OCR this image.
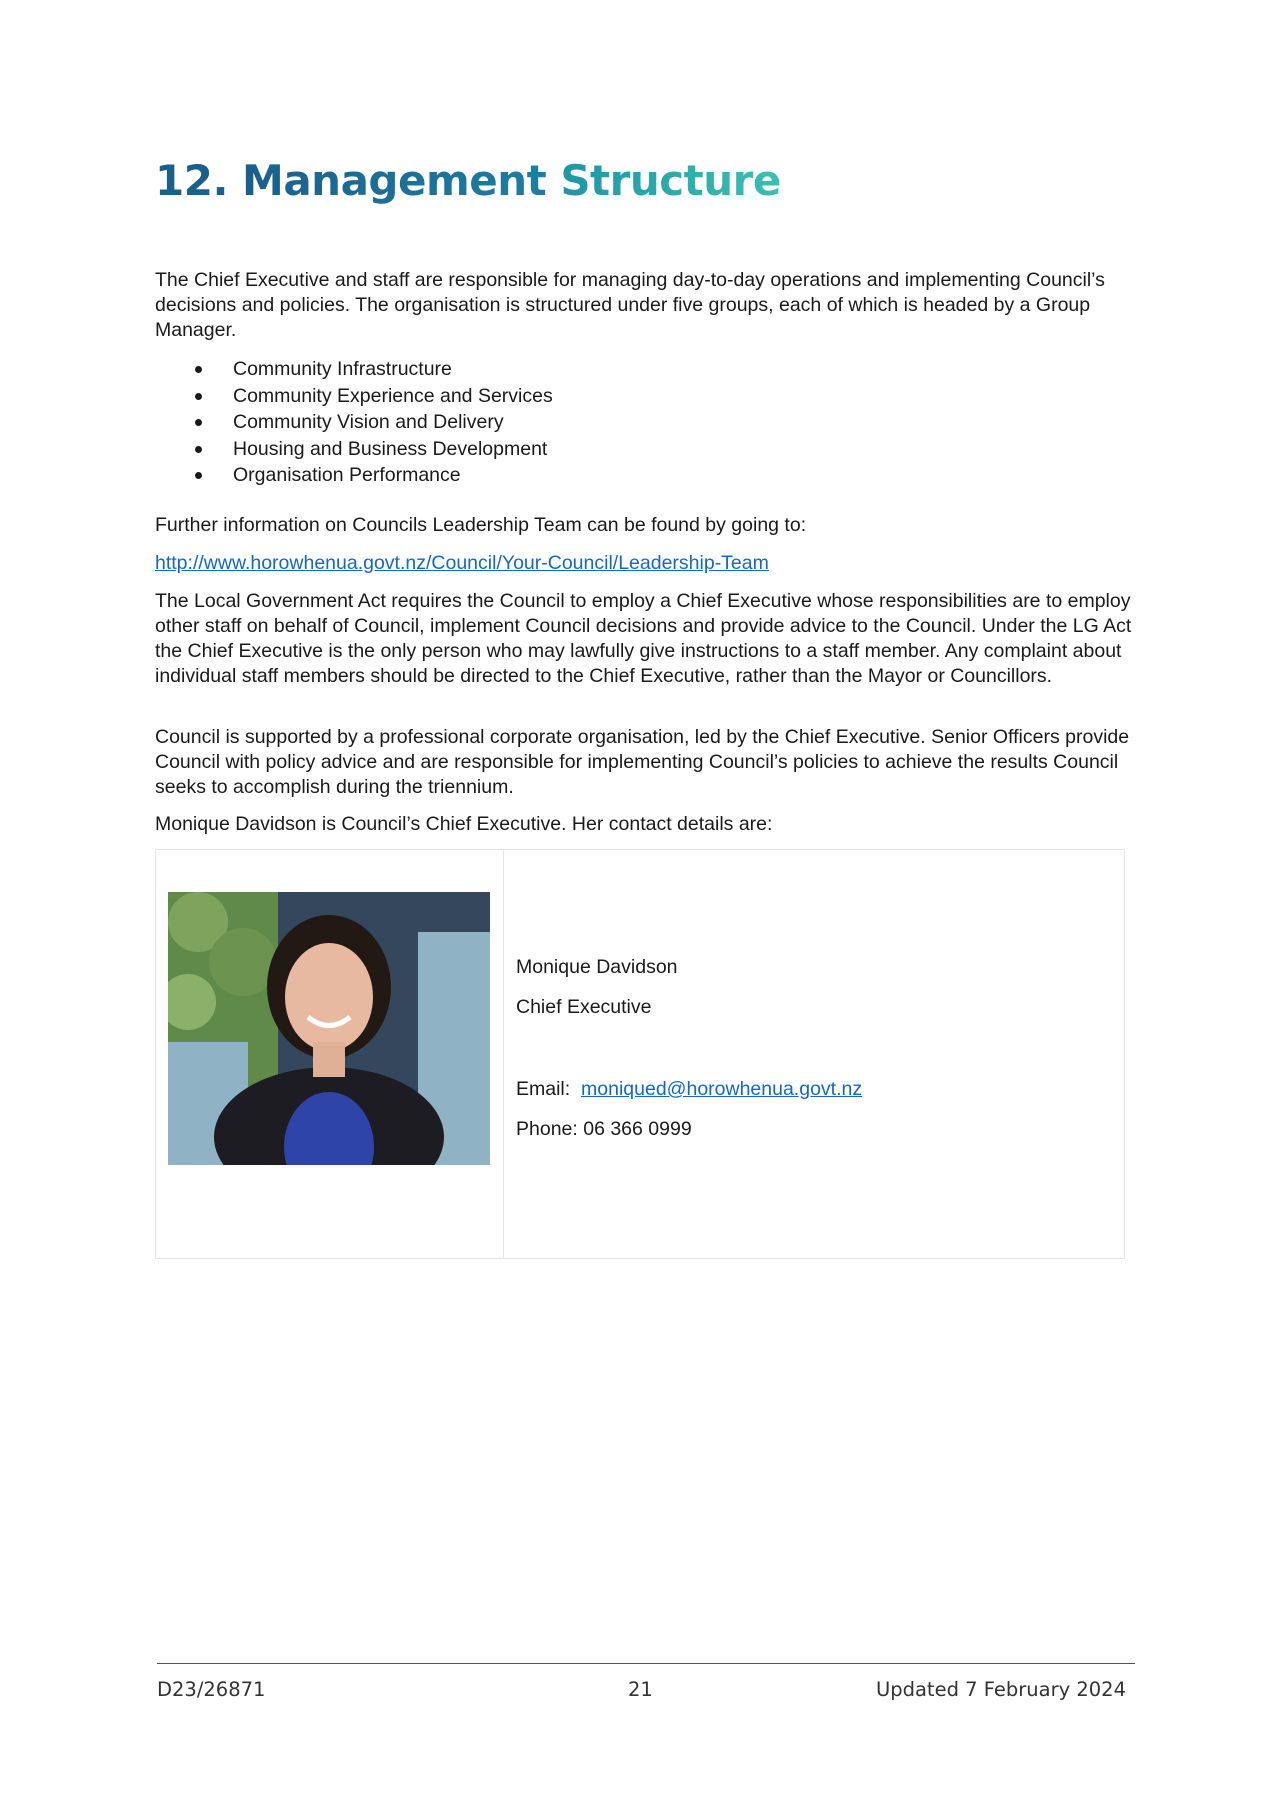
12. Management Structure

The Chief Executive and staff are responsible for managing day-to-day operations and implementing Council’s decisions and policies. The organisation is structured under five groups, each of which is headed by a Group Manager.

Community Infrastructure
Community Experience and Services
Community Vision and Delivery
Housing and Business Development
Organisation Performance

Further information on Councils Leadership Team can be found by going to:

http://www.horowhenua.govt.nz/Council/Your-Council/Leadership-Team

The Local Government Act requires the Council to employ a Chief Executive whose responsibilities are to employ other staff on behalf of Council, implement Council decisions and provide advice to the Council. Under the LG Act the Chief Executive is the only person who may lawfully give instructions to a staff member. Any complaint about individual staff members should be directed to the Chief Executive, rather than the Mayor or Councillors.

Council is supported by a professional corporate organisation, led by the Chief Executive. Senior Officers provide Council with policy advice and are responsible for implementing Council’s policies to achieve the results Council seeks to accomplish during the triennium.

Monique Davidson is Council’s Chief Executive. Her contact details are:

Monique Davidson
Chief Executive
Email: moniqued@horowhenua.govt.nz
Phone: 06 366 0999
D23/26871	21	Updated 7 February 2024
